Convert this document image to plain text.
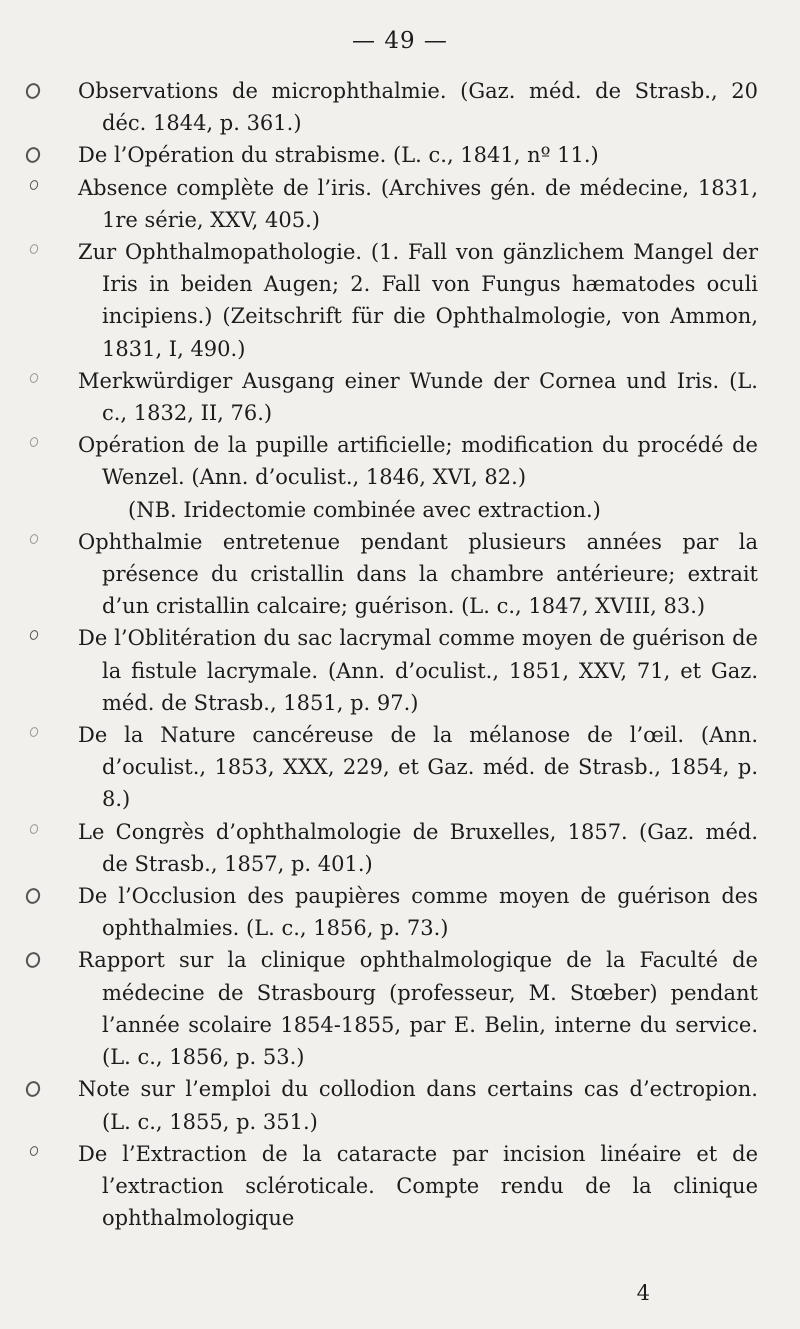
— 49 —
Observations de microphthalmie. (Gaz. méd. de Strasb., 20 déc. 1844, p. 361.)
De l’Opération du strabisme. (L. c., 1841, nº 11.)
Absence complète de l’iris. (Archives gén. de médecine, 1831, 1re série, XXV, 405.)
Zur Ophthalmopathologie. (1. Fall von gänzlichem Mangel der Iris in beiden Augen; 2. Fall von Fungus hæmatodes oculi incipiens.) (Zeitschrift für die Ophthalmologie, von Ammon, 1831, I, 490.)
Merkwürdiger Ausgang einer Wunde der Cornea und Iris. (L. c., 1832, II, 76.)
Opération de la pupille artificielle; modification du procédé de Wenzel. (Ann. d’oculist., 1846, XVI, 82.)
(NB. Iridectomie combinée avec extraction.)
Ophthalmie entretenue pendant plusieurs années par la présence du cristallin dans la chambre antérieure; extrait d’un cristallin calcaire; guérison. (L. c., 1847, XVIII, 83.)
De l’Oblitération du sac lacrymal comme moyen de guérison de la fistule lacrymale. (Ann. d’oculist., 1851, XXV, 71, et Gaz. méd. de Strasb., 1851, p. 97.)
De la Nature cancéreuse de la mélanose de l’œil. (Ann. d’oculist., 1853, XXX, 229, et Gaz. méd. de Strasb., 1854, p. 8.)
Le Congrès d’ophthalmologie de Bruxelles, 1857. (Gaz. méd. de Strasb., 1857, p. 401.)
De l’Occlusion des paupières comme moyen de guérison des ophthalmies. (L. c., 1856, p. 73.)
Rapport sur la clinique ophthalmologique de la Faculté de médecine de Strasbourg (professeur, M. Stœber) pendant l’année scolaire 1854-1855, par E. Belin, interne du service. (L. c., 1856, p. 53.)
Note sur l’emploi du collodion dans certains cas d’ectropion. (L. c., 1855, p. 351.)
De l’Extraction de la cataracte par incision linéaire et de l’extraction scléroticale. Compte rendu de la clinique ophthalmologique
4
